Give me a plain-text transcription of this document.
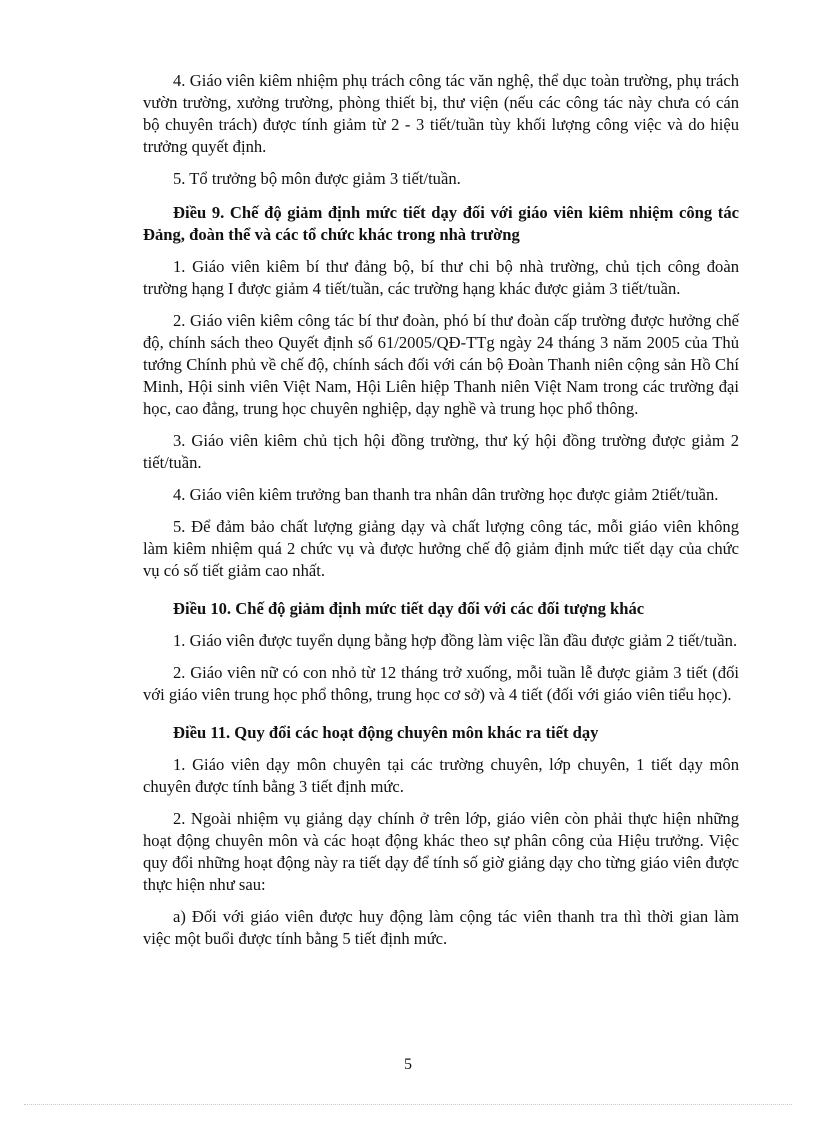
4. Giáo viên kiêm nhiệm phụ trách công tác văn nghệ, thể dục toàn trường, phụ trách vườn trường, xưởng trường, phòng thiết bị, thư viện (nếu các công tác này chưa có cán bộ chuyên trách) được tính giảm từ 2 - 3 tiết/tuần tùy khối lượng công việc và do hiệu trưởng quyết định.

5. Tổ trưởng bộ môn được giảm 3 tiết/tuần.

Điều 9. Chế độ giảm định mức tiết dạy đối với giáo viên kiêm nhiệm công tác Đảng, đoàn thể và các tổ chức khác trong nhà trường

1. Giáo viên kiêm bí thư đảng bộ, bí thư chi bộ nhà trường, chủ tịch công đoàn trường hạng I được giảm 4 tiết/tuần, các trường hạng khác được giảm 3 tiết/tuần.

2. Giáo viên kiêm công tác bí thư đoàn, phó bí thư đoàn cấp trường được hưởng chế độ, chính sách theo Quyết định số 61/2005/QĐ-TTg ngày 24 tháng 3 năm 2005 của Thủ tướng Chính phủ về chế độ, chính sách đối với cán bộ Đoàn Thanh niên cộng sản Hồ Chí Minh, Hội sinh viên Việt Nam, Hội Liên hiệp Thanh niên Việt Nam trong các trường đại học, cao đẳng, trung học chuyên nghiệp, dạy nghề và trung học phổ thông.

3. Giáo viên kiêm chủ tịch hội đồng trường, thư ký hội đồng trường được giảm 2 tiết/tuần.

4. Giáo viên kiêm trưởng ban thanh tra nhân dân trường học được giảm 2tiết/tuần.

5. Để đảm bảo chất lượng giảng dạy và chất lượng công tác, mỗi giáo viên không làm kiêm nhiệm quá 2 chức vụ và được hưởng chế độ giảm định mức tiết dạy của chức vụ có số tiết giảm cao nhất.

Điều 10. Chế độ giảm định mức tiết dạy đối với các đối tượng khác

1. Giáo viên được tuyển dụng bằng hợp đồng làm việc lần đầu được giảm 2 tiết/tuần.

2. Giáo viên nữ có con nhỏ từ 12 tháng trở xuống, mỗi tuần lễ được giảm 3 tiết (đối với giáo viên trung học phổ thông, trung học cơ sở) và 4 tiết (đối với giáo viên tiểu học).

Điều 11. Quy đổi các hoạt động chuyên môn khác ra tiết dạy

1. Giáo viên dạy môn chuyên tại các trường chuyên, lớp chuyên, 1 tiết dạy môn chuyên được tính bằng 3 tiết định mức.

2. Ngoài nhiệm vụ giảng dạy chính ở trên lớp, giáo viên còn phải thực hiện những hoạt động chuyên môn và các hoạt động khác theo sự phân công của Hiệu trưởng. Việc quy đổi những hoạt động này ra tiết dạy để tính số giờ giảng dạy cho từng giáo viên được thực hiện như sau:

a) Đối với giáo viên được huy động làm cộng tác viên thanh tra thì thời gian làm việc một buổi được tính bằng 5 tiết định mức.

5
